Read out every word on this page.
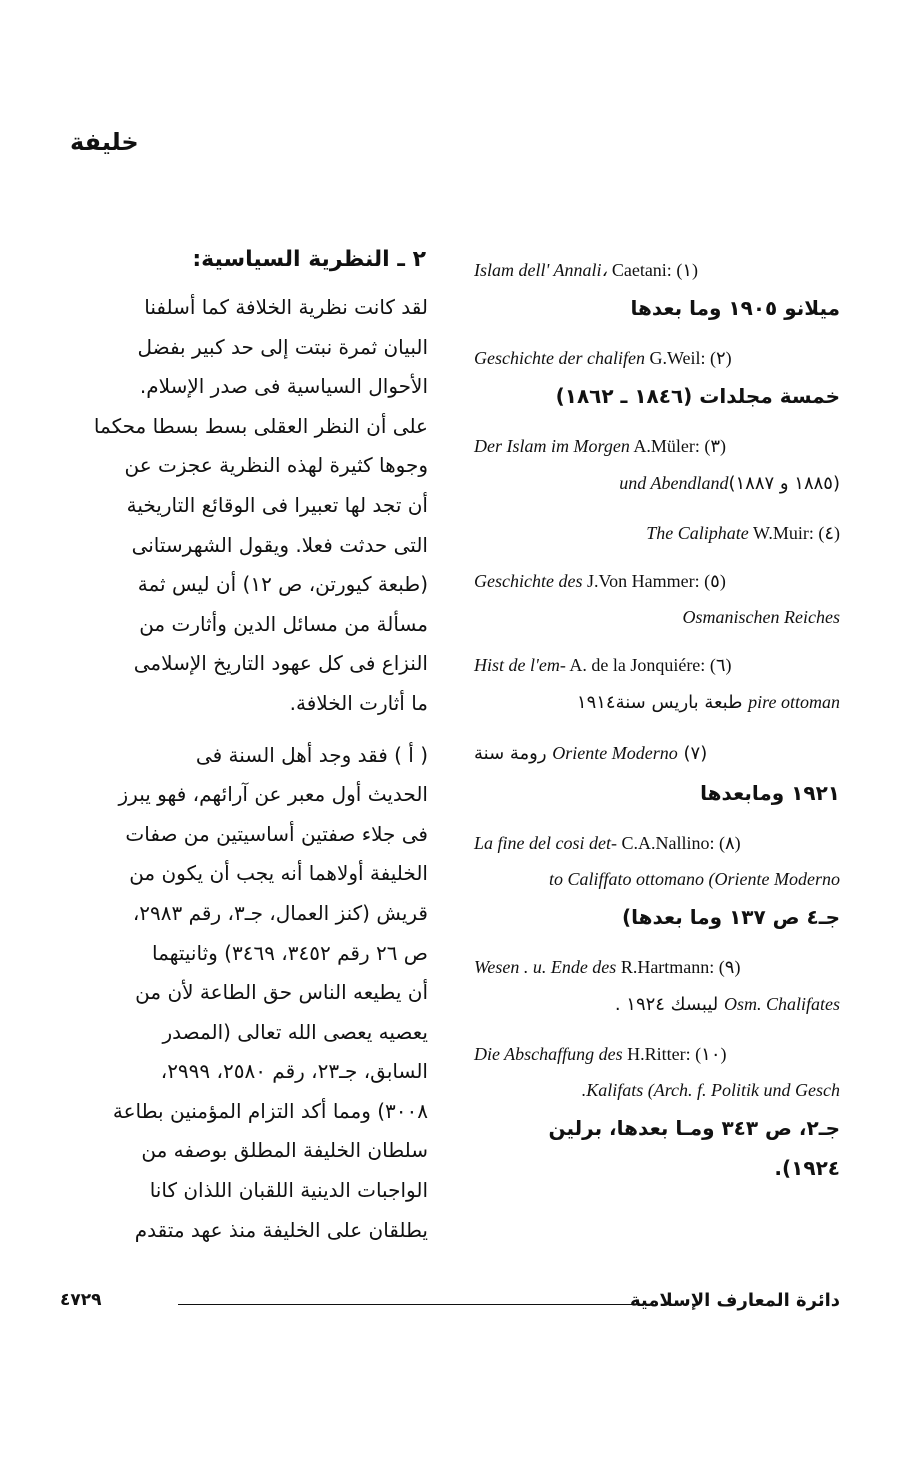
خليفة
٢ ـ النظرية السياسية:
لقد كانت نظرية الخلافة كما أسلفنا
البيان ثمرة نبتت إلى حد كبير بفضل
الأحوال السياسية فى صدر الإسلام.
على أن النظر العقلى بسط بسطا محكما
وجوها كثيرة لهذه النظرية عجزت عن
أن تجد لها تعبيرا فى الوقائع التاريخية
التى حدثت فعلا. ويقول الشهرستانى
(طبعة كيورتن، ص ١٢) أن ليس ثمة
مسألة من مسائل الدين وأثارت من
النزاع فى كل عهود التاريخ الإسلامى
ما أثارت الخلافة.
( أ ) فقد وجد أهل السنة فى
الحديث أول معبر عن آرائهم، فهو يبرز
فى جلاء صفتين أساسيتين من صفات
الخليفة أولاهما أنه يجب أن يكون من
قريش (كنز العمال، جـ٣، رقم ٢٩٨٣،
ص ٢٦ رقم ٣٤٥٢، ٣٤٦٩) وثانيتهما
أن يطيعه الناس حق الطاعة لأن من
يعصيه يعصى الله تعالى (المصدر
السابق، جـ٢٣، رقم ٢٥٨٠، ٢٩٩٩،
٣٠٠٨) ومما أكد التزام المؤمنين بطاعة
سلطان الخليفة المطلق بوصفه من
الواجبات الدينية اللقبان اللذان كانا
يطلقان على الخليفة منذ عهد متقدم
Islam dell' Annali، Caetani: (١)
ميلانو ١٩٠٥ وما بعدها
Geschichte der chalifen G.Weil: (٢)
خمسة مجلدات (١٨٤٦ ـ ١٨٦٢)
Der Islam im Morgen A.Müler: (٣)
(١٨٨٥ و ١٨٨٧)und Abendland
The Caliphate W.Muir: (٤)
Geschichte des J.Von Hammer: (٥)
Osmanischen Reiches
Hist de l'em- A. de la Jonquiére: (٦)
pire ottoman طبعة باريس سنة١٩١٤
رومة سنة Oriente Moderno (٧)
١٩٢١ ومابعدها
La fine del cosi det- C.A.Nallino: (٨)
to Califfato ottomano (Oriente Moderno
جـ٤ ص ١٣٧ وما بعدها)
Wesen . u. Ende des R.Hartmann: (٩)
Osm. Chalifates ليبسك ١٩٢٤ .
Die Abschaffung des H.Ritter: (١٠)
Kalifats (Arch. f. Politik und Gesch.
جـ٢، ص ٣٤٣ ومـا بعدها، برلين
١٩٢٤).
٤٧٢٩	دائرة المعارف الإسلامية
